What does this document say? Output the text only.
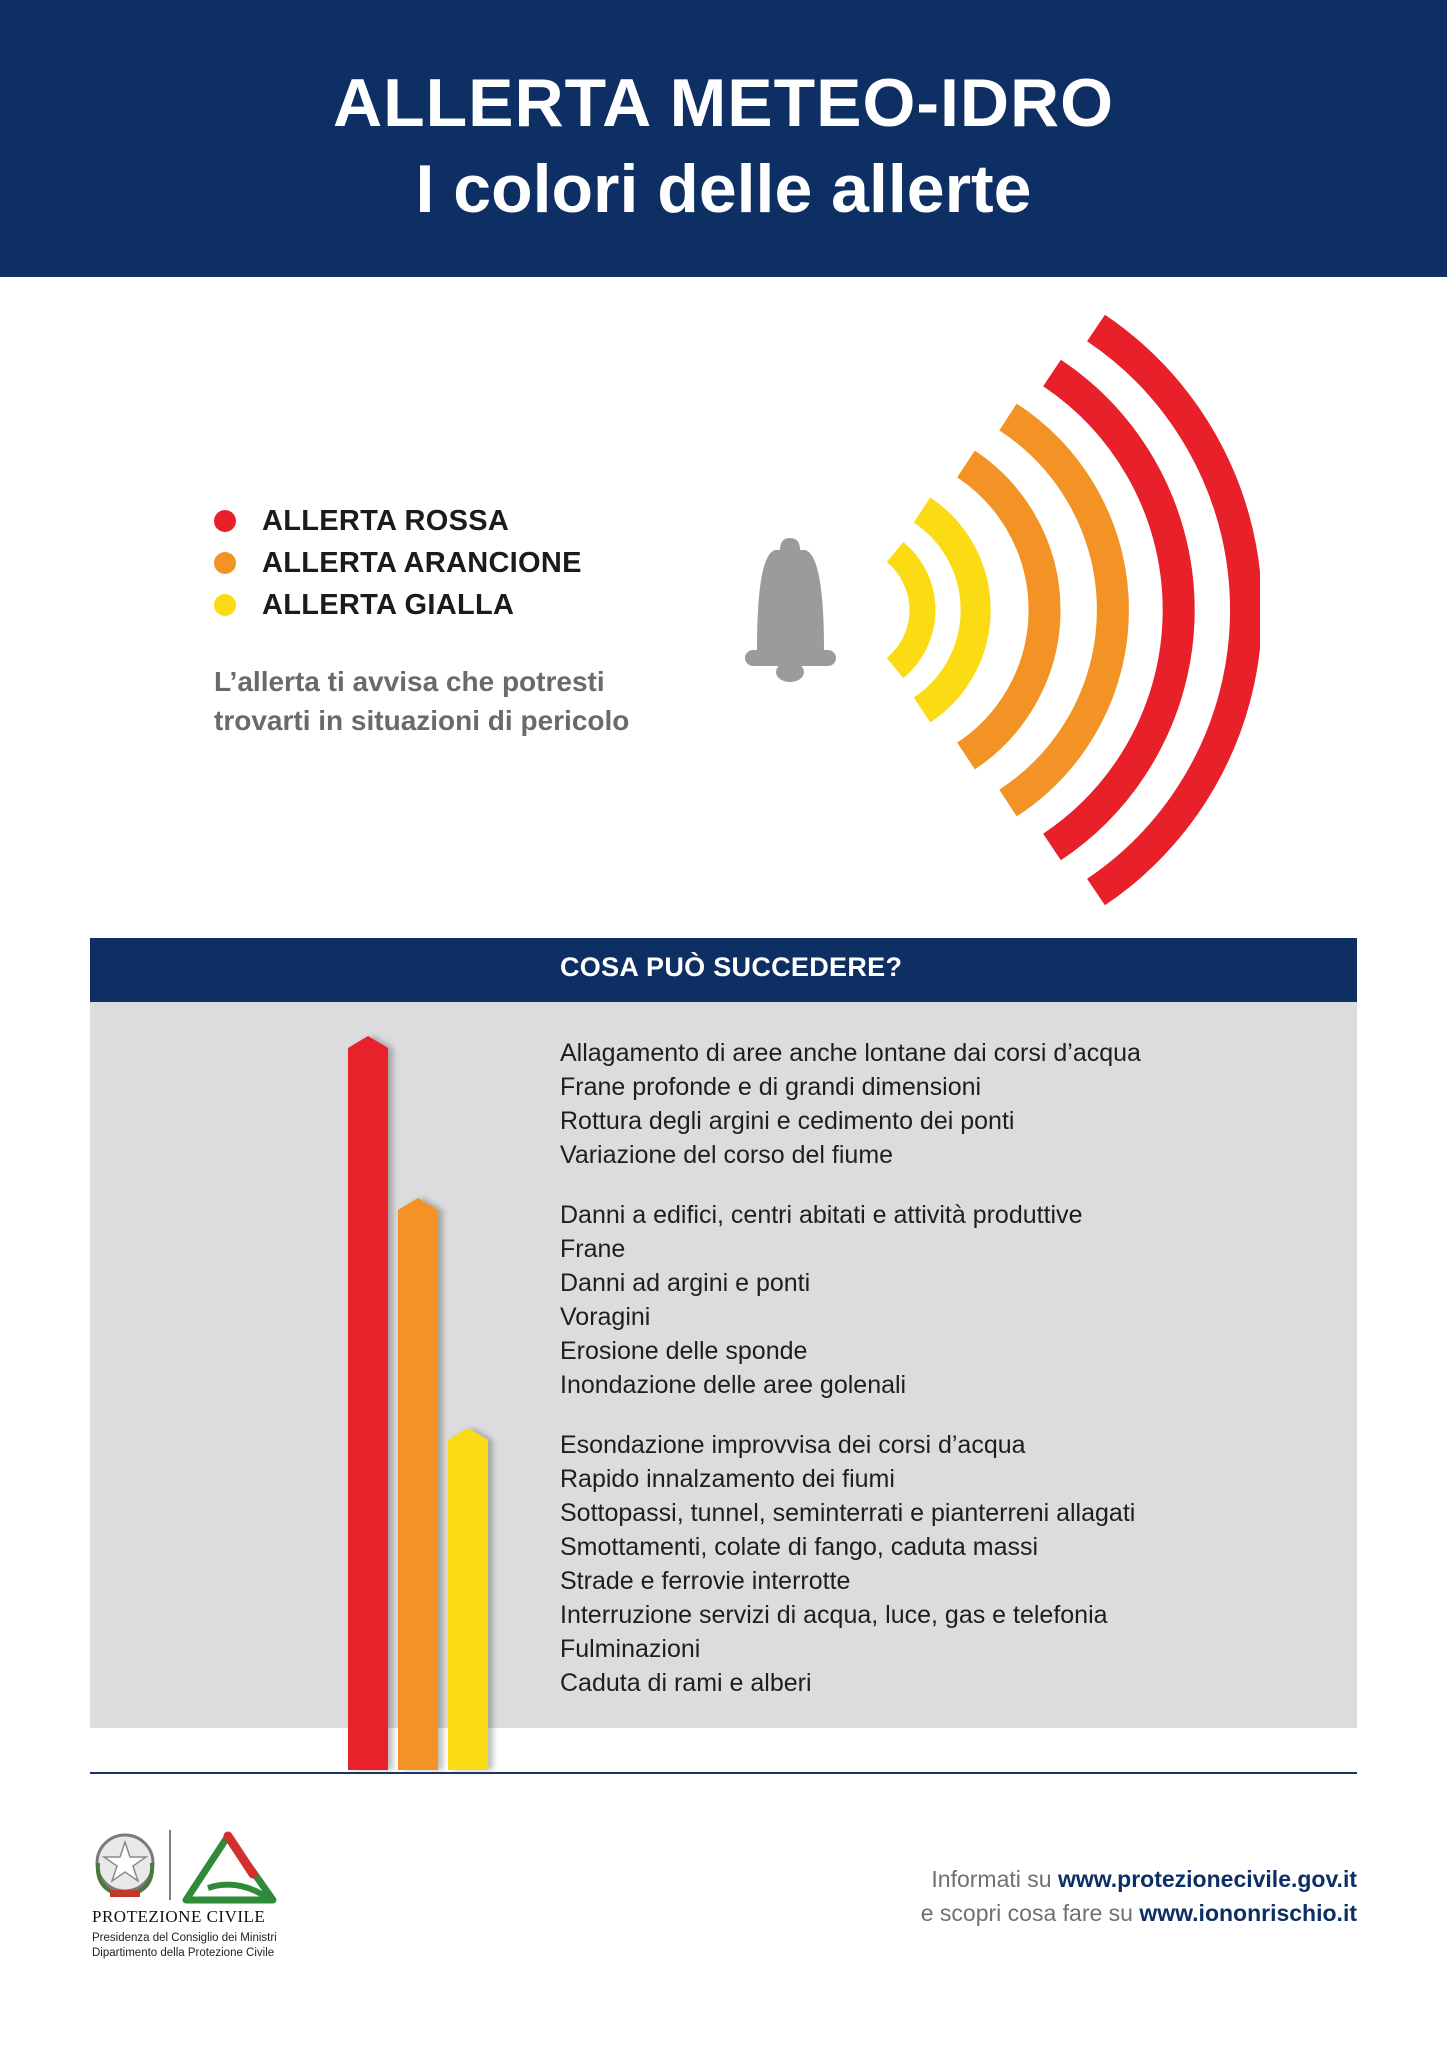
ALLERTA METEO-IDRO
I colori delle allerte
ALLERTA ROSSA
ALLERTA ARANCIONE
ALLERTA GIALLA
L’allerta ti avvisa che potresti
trovarti in situazioni di pericolo
COSA PUÒ SUCCEDERE?
Allagamento di aree anche lontane dai corsi d’acqua
Frane profonde e di grandi dimensioni
Rottura degli argini e cedimento dei ponti
Variazione del corso del fiume
Danni a edifici, centri abitati e attività produttive
Frane
Danni ad argini e ponti
Voragini
Erosione delle sponde
Inondazione delle aree golenali
Esondazione improvvisa dei corsi d’acqua
Rapido innalzamento dei fiumi
Sottopassi, tunnel, seminterrati e pianterreni allagati
Smottamenti, colate di fango, caduta massi
Strade e ferrovie interrotte
Interruzione servizi di acqua, luce, gas e telefonia
Fulminazioni
Caduta di rami e alberi
PROTEZIONE CIVILE
Presidenza del Consiglio dei Ministri
Dipartimento della Protezione Civile
Informati su www.protezionecivile.gov.it
e scopri cosa fare su www.iononrischio.it
